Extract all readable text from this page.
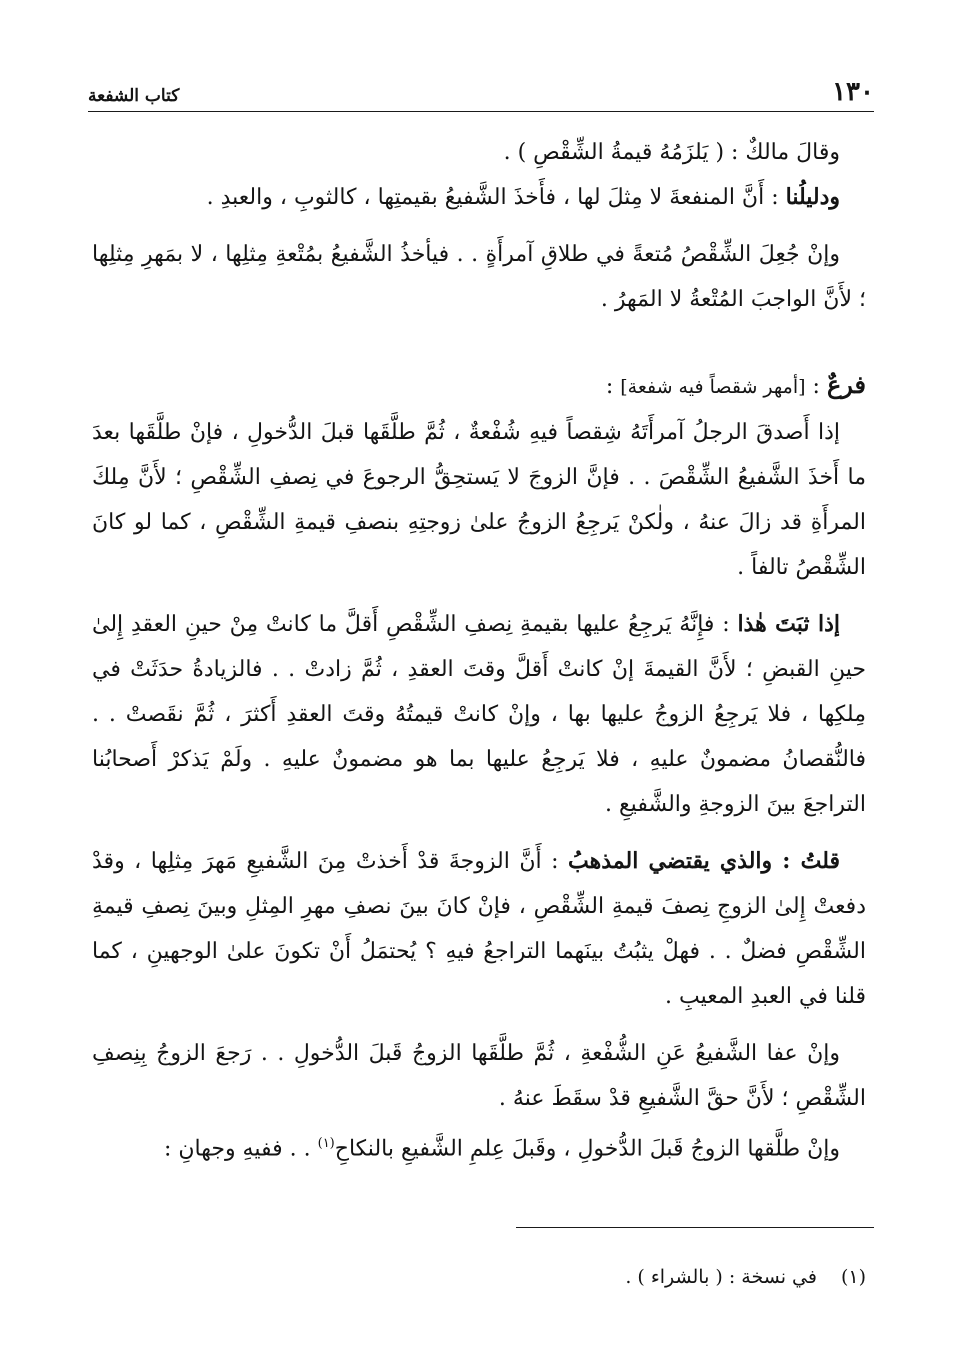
١٣٠
كتاب الشفعة

وقالَ مالكٌ : ( يَلزَمُهُ قيمةُ الشِّقْصِ ) .

ودليلُنا : أَنَّ المنفعةَ لا مِثلَ لها ، فأَخذَ الشَّفيعُ بقيمتِها ، كالثوبِ ، والعبدِ .

وإنْ جُعِلَ الشِّقْصُ مُتعةً في طلاقِ آمرأَةٍ . . فيأخذُ الشَّفيعُ بمُتْعةِ مِثلِها ، لا بمَهرِ مِثلِها ؛ لأَنَّ الواجبَ المُتْعةُ لا المَهرُ .

فرعٌ : [أمهر شقصاً فيه شفعة] :

إذا أَصدقَ الرجلُ آمرأَتَهُ شِقصاً فيهِ شُفْعةٌ ، ثُمَّ طلَّقَها قبلَ الدُّخولِ ، فإنْ طلَّقَها بعدَ ما أَخذَ الشَّفيعُ الشِّقْصَ . . فإنَّ الزوجَ لا يَستحِقُّ الرجوعَ في نِصفِ الشِّقْصِ ؛ لأَنَّ مِلكَ المرأَةِ قد زالَ عنهُ ، ولٰكنْ يَرجِعُ الزوجُ علىٰ زوجتِهِ بنصفِ قيمةِ الشِّقْصِ ، كما لو كانَ الشِّقْصُ تالفاً .

إذا ثبَتَ هٰذا : فإِنَّهُ يَرجِعُ عليها بقيمةِ نِصفِ الشِّقْصِ أَقلَّ ما كانتْ مِنْ حينِ العقدِ إِلىٰ حينِ القبضِ ؛ لأَنَّ القيمةَ إنْ كانتْ أَقلَّ وقتَ العقدِ ، ثُمَّ زادتْ . . فالزيادةُ حدَثَتْ في مِلكِها ، فلا يَرجِعُ الزوجُ عليها بها ، وإنْ كانتْ قيمتُهُ وقتَ العقدِ أَكثرَ ، ثُمَّ نقَصتْ . . فالنُّقصانُ مضمونٌ عليهِ ، فلا يَرجِعُ عليها بما هو مضمونٌ عليهِ . ولَمْ يَذكرْ أَصحابُنا التراجعَ بينَ الزوجةِ والشَّفيعِ .

قلتُ : والذي يقتضي المذهبُ : أَنَّ الزوجةَ قدْ أَخذتْ مِنَ الشَّفيعِ مَهرَ مِثلِها ، وقدْ دفعتْ إِلىٰ الزوجِ نِصفَ قيمةِ الشِّقْصِ ، فإنْ كانَ بينَ نصفِ مهرِ المِثلِ وبينَ نِصفِ قيمةِ الشِّقْصِ فضلٌ . . فهلْ يثبُتُ بينَهما التراجعُ فيهِ ؟ يُحتمَلُ أَنْ تكونَ علىٰ الوجهينِ ، كما قلنا في العبدِ المعيبِ .

وإنْ عفا الشَّفيعُ عَنِ الشُّفْعةِ ، ثُمَّ طلَّقَها الزوجُ قَبلَ الدُّخولِ . . رَجعَ الزوجُ بِنِصفِ الشِّقْصِ ؛ لأَنَّ حقَّ الشَّفيعِ قدْ سقَطَ عنهُ .

وإنْ طلَّقها الزوجُ قَبلَ الدُّخولِ ، وقَبلَ عِلمِ الشَّفيعِ بالنكاحِ$^{(١)}$ . . ففيهِ وجهانِ :

(١)
في نسخة : ( بالشراء ) .
